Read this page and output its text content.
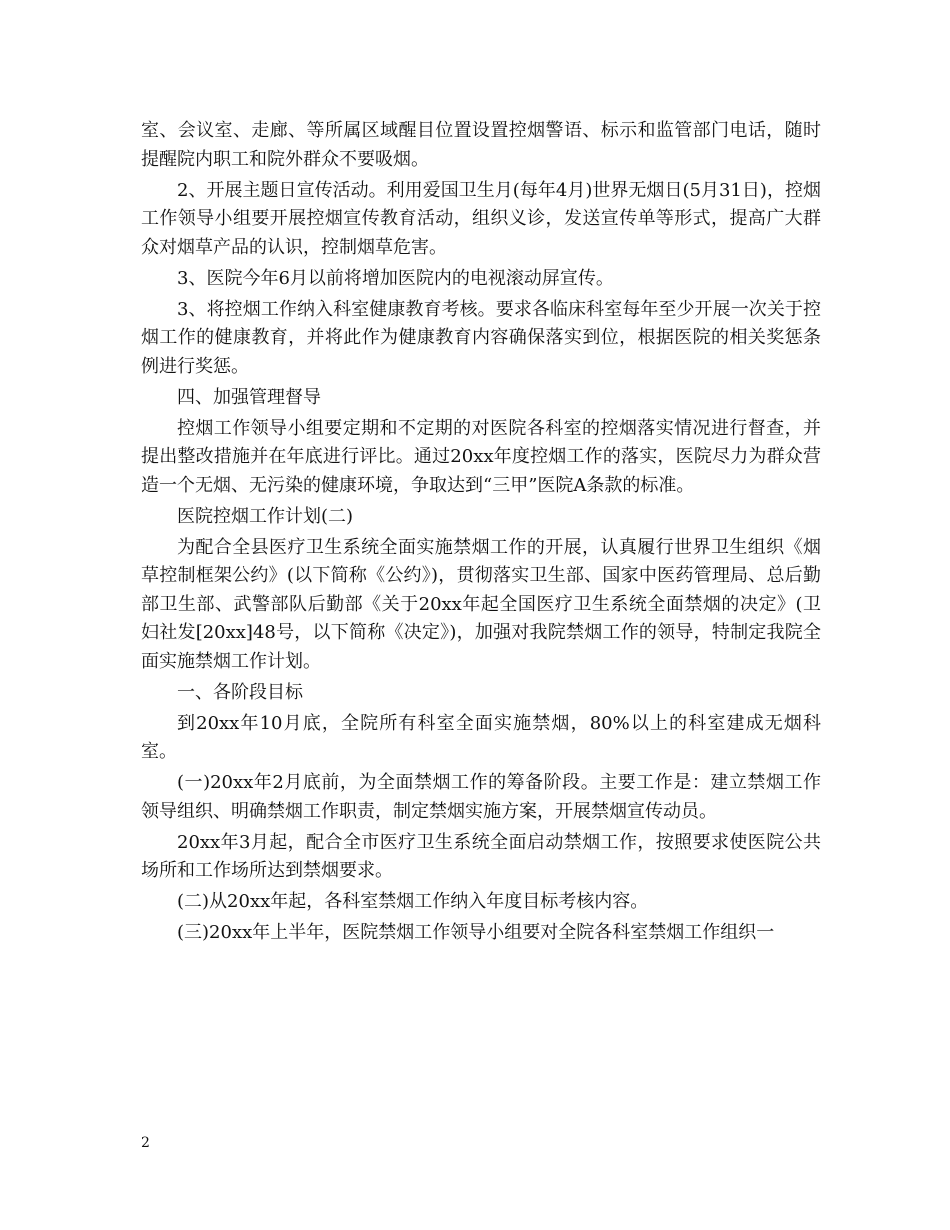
室、会议室、走廊、等所属区域醒目位置设置控烟警语、标示和监管部门电话，随时提醒院内职工和院外群众不要吸烟。

2、开展主题日宣传活动。利用爱国卫生月(每年4月)世界无烟日(5月31日)，控烟工作领导小组要开展控烟宣传教育活动，组织义诊，发送宣传单等形式，提高广大群众对烟草产品的认识，控制烟草危害。

3、医院今年6月以前将增加医院内的电视滚动屏宣传。

3、将控烟工作纳入科室健康教育考核。要求各临床科室每年至少开展一次关于控烟工作的健康教育，并将此作为健康教育内容确保落实到位，根据医院的相关奖惩条例进行奖惩。

四、加强管理督导

控烟工作领导小组要定期和不定期的对医院各科室的控烟落实情况进行督查，并提出整改措施并在年底进行评比。通过20xx年度控烟工作的落实，医院尽力为群众营造一个无烟、无污染的健康环境，争取达到“三甲”医院A条款的标准。

医院控烟工作计划(二)

为配合全县医疗卫生系统全面实施禁烟工作的开展，认真履行世界卫生组织《烟草控制框架公约》(以下简称《公约》)，贯彻落实卫生部、国家中医药管理局、总后勤部卫生部、武警部队后勤部《关于20xx年起全国医疗卫生系统全面禁烟的决定》(卫妇社发[20xx]48号，以下简称《决定》)，加强对我院禁烟工作的领导，特制定我院全面实施禁烟工作计划。

一、各阶段目标

到20xx年10月底，全院所有科室全面实施禁烟，80%以上的科室建成无烟科室。

(一)20xx年2月底前，为全面禁烟工作的筹备阶段。主要工作是：建立禁烟工作领导组织、明确禁烟工作职责，制定禁烟实施方案，开展禁烟宣传动员。

20xx年3月起，配合全市医疗卫生系统全面启动禁烟工作，按照要求使医院公共场所和工作场所达到禁烟要求。

(二)从20xx年起，各科室禁烟工作纳入年度目标考核内容。

(三)20xx年上半年，医院禁烟工作领导小组要对全院各科室禁烟工作组织一

2
